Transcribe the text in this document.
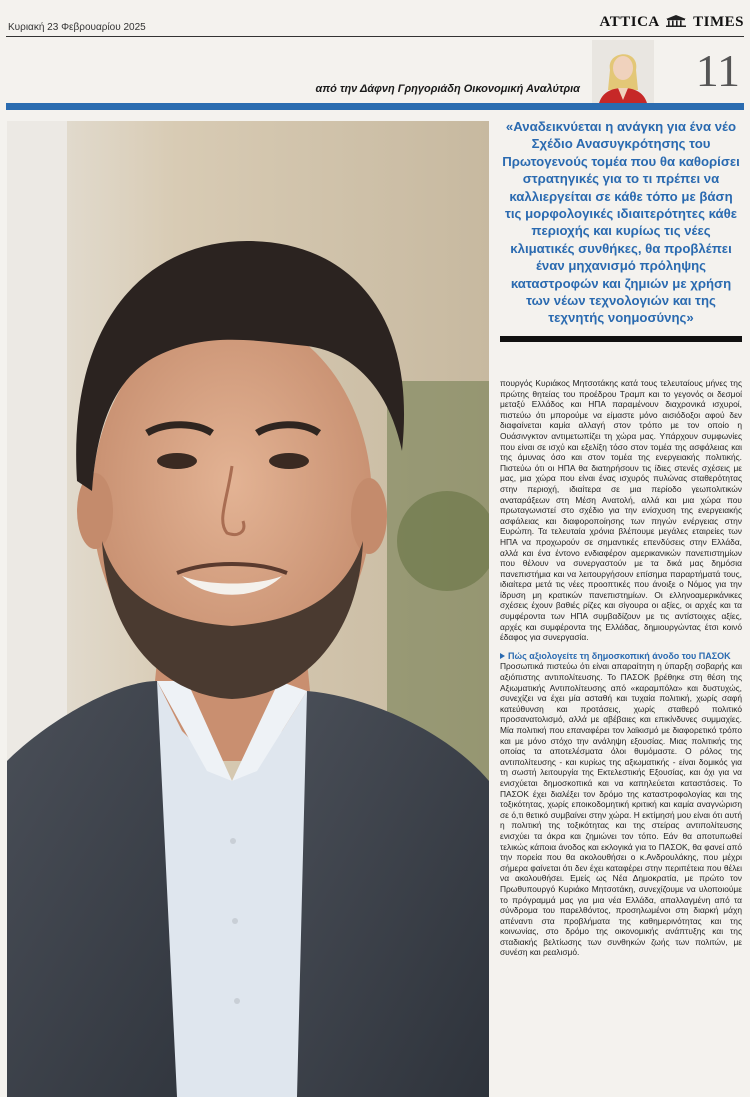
Κυριακή 23 Φεβρουαρίου 2025	ATTICA TIMES
από την Δάφνη Γρηγοριάδη Οικονομική Αναλύτρια	11

«Αναδεικνύεται η ανάγκη για ένα νέο Σχέδιο Ανασυγκρότησης του Πρωτογενούς τομέα που θα καθορίσει στρατηγικές για το τι πρέπει να καλλιεργείται σε κάθε τόπο με βάση τις μορφολογικές ιδιαιτερότητες κάθε περιοχής και κυρίως τις νέες κλιματικές συνθήκες, θα προβλέπει έναν μηχανισμό πρόληψης καταστροφών και ζημιών με χρήση των νέων τεχνολογιών και της τεχνητής νοημοσύνης»

πουργός Κυριάκος Μητσοτάκης κατά τους τελευταίους μήνες της πρώτης θητείας του προέδρου Τραμπ και το γεγονός οι δεσμοί μεταξύ Ελλάδος και ΗΠΑ παραμένουν διαχρονικά ισχυροί, πιστεύω ότι μπορούμε να είμαστε μόνο αισιόδοξοι αφού δεν διαφαίνεται καμία αλλαγή στον τρόπο με τον οποίο η Ουάσινγκτον αντιμετωπίζει τη χώρα μας. Υπάρχουν συμφωνίες που είναι σε ισχύ και εξελίξη τόσο στον τομέα της ασφάλειας και της άμυνας όσο και στον τομέα της ενεργειακής πολιτικής. Πιστεύω ότι οι ΗΠΑ θα διατηρήσουν τις ίδιες στενές σχέσεις με μας, μια χώρα που είναι ένας ισχυρός πυλώνας σταθερότητας στην περιοχή, ιδιαίτερα σε μια περίοδο γεωπολιτικών αναταράξεων στη Μέση Ανατολή, αλλά και μια χώρα που πρωταγωνιστεί στο σχέδιο για την ενίσχυση της ενεργειακής ασφάλειας και διαφοροποίησης των πηγών ενέργειας στην Ευρώπη. Τα τελευταία χρόνια βλέπουμε μεγάλες εταιρείες των ΗΠΑ να προχωρούν σε σημαντικές επενδύσεις στην Ελλάδα, αλλά και ένα έντονο ενδιαφέρον αμερικανικών πανεπιστημίων που θέλουν να συνεργαστούν με τα δικά μας δημόσια πανεπιστήμια και να λειτουργήσουν επίσημα παραρτήματά τους, ιδιαίτερα μετά τις νέες προοπτικές που άνοιξε ο Νόμος για την ίδρυση μη κρατικών πανεπιστημίων. Οι ελληνοαμερικάνικες σχέσεις έχουν βαθιές ρίζες και σίγουρα οι αξίες, οι αρχές και τα συμφέροντα των ΗΠΑ συμβαδίζουν με τις αντίστοιχες αξίες, αρχές και συμφέροντα της Ελλάδας, δημιουργώντας έτσι κοινό έδαφος για συνεργασία.

Πώς αξιολογείτε τη δημοσκοπική άνοδο του ΠΑΣΟΚ

Προσωπικά πιστεύω ότι είναι απαραίτητη η ύπαρξη σοβαρής και αξιόπιστης αντιπολίτευσης. Το ΠΑΣΟΚ βρέθηκε στη θέση της Αξιωματικής Αντιπολίτευσης από «καραμπόλα» και δυστυχώς, συνεχίζει να έχει μία ασταθή και τυχαία πολιτική, χωρίς σαφή κατεύθυνση και προτάσεις, χωρίς σταθερό πολιτικό προσανατολισμό, αλλά με αβέβαιες και επικίνδυνες συμμαχίες. Μία πολιτική που επαναφέρει τον λαϊκισμό με διαφορετικό τρόπο και με μόνο στόχο την ανάληψη εξουσίας. Μιας πολιτικής της οποίας τα αποτελέσματα όλοι θυμόμαστε. Ο ρόλος της αντιπολίτευσης - και κυρίως της αξιωματικής - είναι δομικός για τη σωστή λειτουργία της Εκτελεστικής Εξουσίας, και όχι για να ενισχύεται δημοσκοπικά και να καπηλεύεται καταστάσεις. Το ΠΑΣΟΚ έχει διαλέξει τον δρόμο της καταστροφολογίας και της τοξικότητας, χωρίς εποικοδομητική κριτική και καμία αναγνώριση σε ό,τι θετικό συμβαίνει στην χώρα. Η εκτίμησή μου είναι ότι αυτή η πολιτική της τοξικότητας και της στείρας αντιπολίτευσης ενισχύει τα άκρα και ζημιώνει τον τόπο. Εάν θα αποτυπωθεί τελικώς κάποια άνοδος και εκλογικά για το ΠΑΣΟΚ, θα φανεί από την πορεία που θα ακολουθήσει ο κ.Ανδρουλάκης, που μέχρι σήμερα φαίνεται ότι δεν έχει καταφέρει στην περιπέτεια που θέλει να ακολουθήσει. Εμείς ως Νέα Δημοκρατία, με πρώτο τον Πρωθυπουργό Κυριάκο Μητσοτάκη, συνεχίζουμε να υλοποιούμε το πρόγραμμά μας για μια νέα Ελλάδα, απαλλαγμένη από τα σύνδρομα του παρελθόντος, προσηλωμένοι στη διαρκή μάχη απέναντι στα προβλήματα της καθημερινότητας και της κοινωνίας, στο δρόμο της οικονομικής ανάπτυξης και της σταδιακής βελτίωσης των συνθηκών ζωής των πολιτών, με συνέση και ρεαλισμό.
